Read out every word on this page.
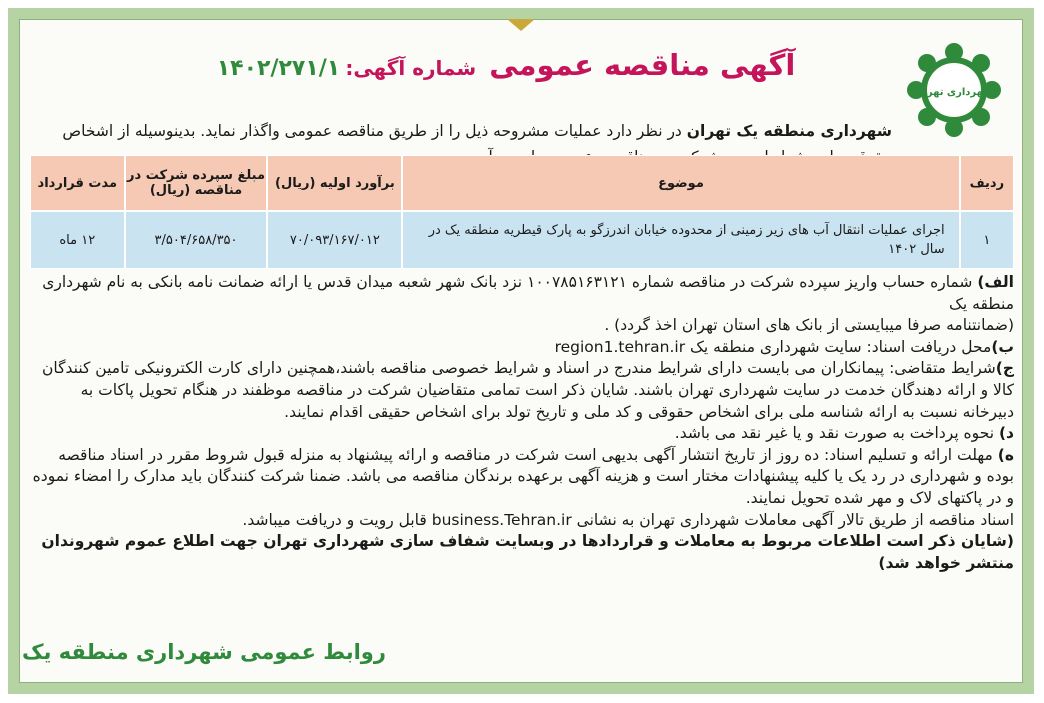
شهرداری تهران
آگهی مناقصه عمومی شماره آگهی: ۱۴۰۲/۲۷۱/۱
شهرداری منطقه یک تهران در نظر دارد عملیات مشروحه ذیل را از طریق مناقصه عمومی واگذار نماید. بدینوسیله از اشخاص
ردیف	موضوع	برآورد اولیه (ریال)	مبلغ سپرده شرکت در مناقصه (ریال)	مدت قرارداد
۱	اجرای عملیات انتقال آب های زیر زمینی از محدوده خیابان اندرزگو به پارک قیطریه منطقه یک در سال ۱۴۰۲	۷۰/۰۹۳/۱۶۷/۰۱۲	۳/۵۰۴/۶۵۸/۳۵۰	۱۲ ماه

الف) شماره حساب واریز سپرده شرکت در مناقصه شماره ۱۰۰۷۸۵۱۶۳۱۲۱ نزد بانک شهر شعبه میدان قدس یا ارائه ضمانت نامه بانکی به نام شهرداری منطقه یک

(ضمانتنامه صرفا میبایستی از بانک های استان تهران اخذ گردد) .

ب)محل دریافت اسناد: سایت شهرداری منطقه یک region1.tehran.ir

ج)شرایط متقاضی: پیمانکاران می بایست دارای شرایط مندرج در اسناد و شرایط خصوصی مناقصه باشند،همچنین دارای کارت الکترونیکی تامین کنندگان کالا و ارائه دهندگان خدمت در سایت شهرداری تهران باشند. شایان ذکر است تمامی متقاضیان شرکت در مناقصه موظفند در هنگام تحویل پاکات به دبیرخانه نسبت به ارائه شناسه ملی برای اشخاص حقوقی و کد ملی و تاریخ تولد برای اشخاص حقیقی اقدام نمایند.

د) نحوه پرداخت به صورت نقد و یا غیر نقد می باشد.

ه) مهلت ارائه و تسلیم اسناد: ده روز از تاریخ انتشار آگهی بدیهی است شرکت در مناقصه و ارائه پیشنهاد به منزله قبول شروط مقرر در اسناد مناقصه بوده و شهرداری در رد یک یا کلیه پیشنهادات مختار است و هزینه آگهی برعهده برندگان مناقصه می باشد. ضمنا شرکت کنندگان باید مدارک را امضاء نموده و در پاکتهای لاک و مهر شده تحویل نمایند.

اسناد مناقصه از طریق تالار آگهی معاملات شهرداری تهران به نشانی business.Tehran.ir قابل رویت و دریافت میباشد.

(شایان ذکر است اطلاعات مربوط به معاملات و قراردادها در وبسایت شفاف سازی شهرداری تهران جهت اطلاع عموم شهروندان منتشر خواهد شد)

روابط عمومی شهرداری منطقه یک
